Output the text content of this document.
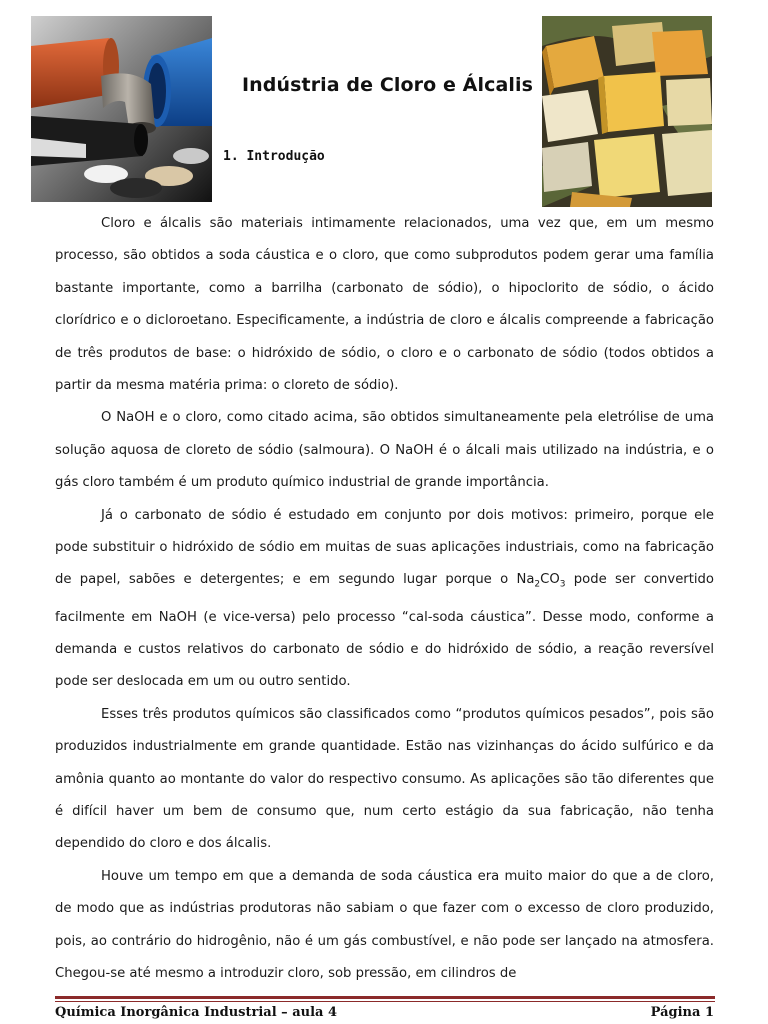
Indústria de Cloro e Álcalis
1. Introdução

Cloro e álcalis são materiais intimamente relacionados, uma vez que, em um mesmo processo, são obtidos a soda cáustica e o cloro, que como subprodutos podem gerar uma família bastante importante, como a barrilha (carbonato de sódio), o hipoclorito de sódio, o ácido clorídrico e o dicloroetano. Especificamente, a indústria de cloro e álcalis compreende a fabricação de três produtos de base: o hidróxido de sódio, o cloro e o carbonato de sódio (todos obtidos a partir da mesma matéria prima: o cloreto de sódio).

O NaOH e o cloro, como citado acima, são obtidos simultaneamente pela eletrólise de uma solução aquosa de cloreto de sódio (salmoura). O NaOH é o álcali mais utilizado na indústria, e o gás cloro também é um produto químico industrial de grande importância.

Já o carbonato de sódio é estudado em conjunto por dois motivos: primeiro, porque ele pode substituir o hidróxido de sódio em muitas de suas aplicações industriais, como na fabricação de papel, sabões e detergentes; e em segundo lugar porque o $Na_2CO_3$ pode ser convertido facilmente em NaOH (e vice-versa) pelo processo “cal-soda cáustica”. Desse modo, conforme a demanda e custos relativos do carbonato de sódio e do hidróxido de sódio, a reação reversível pode ser deslocada em um ou outro sentido.

Esses três produtos químicos são classificados como “produtos químicos pesados”, pois são produzidos industrialmente em grande quantidade. Estão nas vizinhanças do ácido sulfúrico e da amônia quanto ao montante do valor do respectivo consumo. As aplicações são tão diferentes que é difícil haver um bem de consumo que, num certo estágio da sua fabricação, não tenha dependido do cloro e dos álcalis.

Houve um tempo em que a demanda de soda cáustica era muito maior do que a de cloro, de modo que as indústrias produtoras não sabiam o que fazer com o excesso de cloro produzido, pois, ao contrário do hidrogênio, não é um gás combustível, e não pode ser lançado na atmosfera. Chegou-se até mesmo a introduzir cloro, sob pressão, em cilindros de

Química Inorgânica Industrial – aula 4	Página 1
